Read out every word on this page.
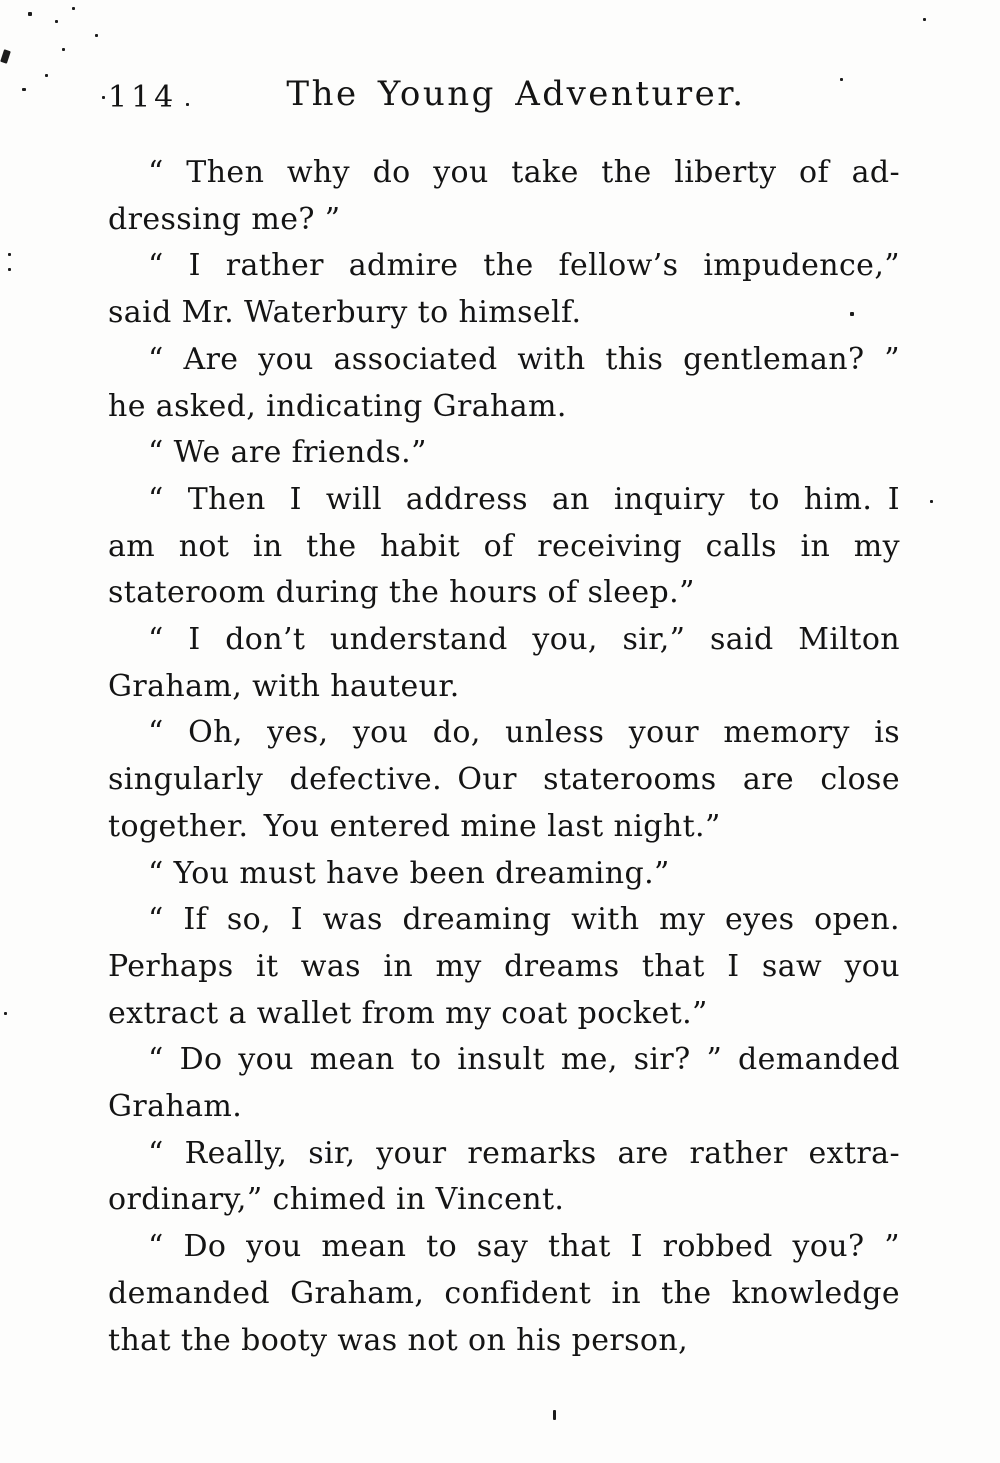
114	The Young Adventurer.
“ Then why do you take the liberty of ad-
dressing me? ”
“ I rather admire the fellow’s impudence,”
said Mr. Waterbury to himself.
“ Are you associated with this gentleman? ”
he asked, indicating Graham.
“ We are friends.”
“ Then I will address an inquiry to him. I
am not in the habit of receiving calls in my
stateroom during the hours of sleep.”
“ I don’t understand you, sir,” said Milton
Graham, with hauteur.
“ Oh, yes, you do, unless your memory is
singularly defective. Our staterooms are close
together. You entered mine last night.”
“ You must have been dreaming.”
“ If so, I was dreaming with my eyes open.
Perhaps it was in my dreams that I saw you
extract a wallet from my coat pocket.”
“ Do you mean to insult me, sir? ” demanded
Graham.
“ Really, sir, your remarks are rather extra-
ordinary,” chimed in Vincent.
“ Do you mean to say that I robbed you? ”
demanded Graham, confident in the knowledge
that the booty was not on his person,
